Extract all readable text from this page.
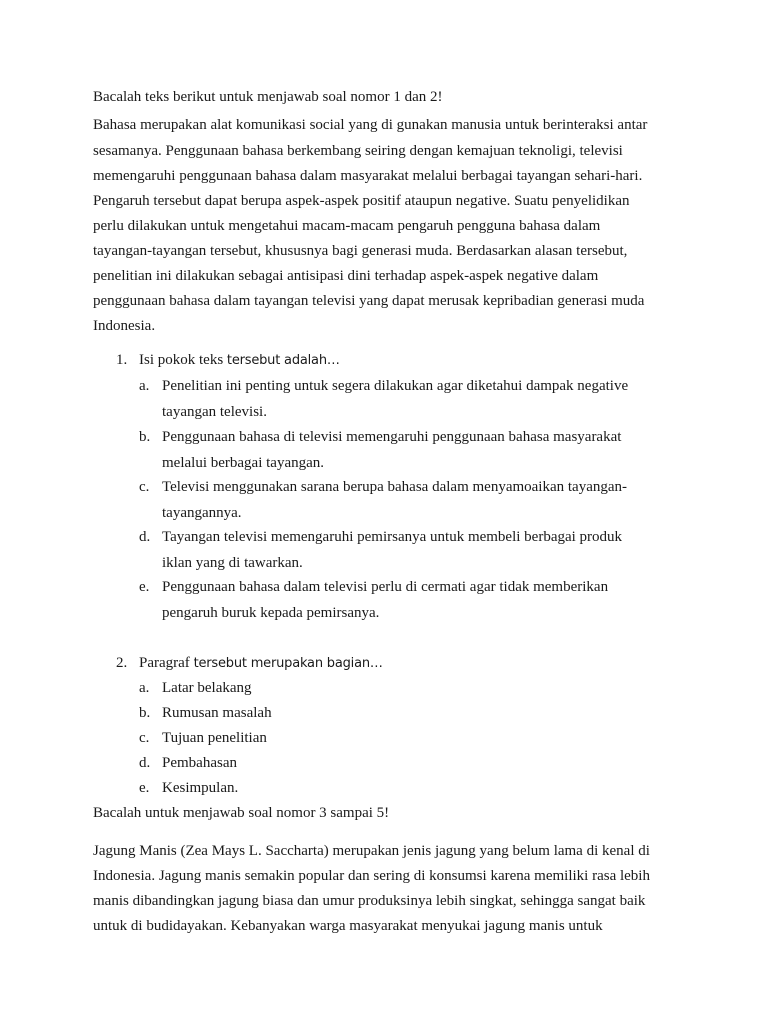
Bacalah teks berikut untuk menjawab soal nomor 1 dan 2!
Bahasa merupakan alat komunikasi social yang di gunakan manusia untuk berinteraksi antar
sesamanya. Penggunaan bahasa berkembang seiring dengan kemajuan teknoligi, televisi
memengaruhi penggunaan bahasa dalam masyarakat melalui berbagai tayangan sehari-hari.
Pengaruh tersebut dapat berupa aspek-aspek positif ataupun negative. Suatu penyelidikan
perlu dilakukan untuk mengetahui macam-macam pengaruh pengguna bahasa dalam
tayangan-tayangan tersebut, khususnya bagi generasi muda. Berdasarkan alasan tersebut,
penelitian ini dilakukan sebagai antisipasi dini terhadap aspek-aspek negative dalam
penggunaan bahasa dalam tayangan televisi yang dapat merusak kepribadian generasi muda
Indonesia.
1. Isi pokok teks tersebut adalah…
a. Penelitian ini penting untuk segera dilakukan agar diketahui dampak negative
tayangan televisi.
b. Penggunaan bahasa di televisi memengaruhi penggunaan bahasa masyarakat
melalui berbagai tayangan.
c. Televisi menggunakan sarana berupa bahasa dalam menyamoaikan tayangan-
tayangannya.
d. Tayangan televisi memengaruhi pemirsanya untuk membeli berbagai produk
iklan yang di tawarkan.
e. Penggunaan bahasa dalam televisi perlu di cermati agar tidak memberikan
pengaruh buruk kepada pemirsanya.
2. Paragraf tersebut merupakan bagian…
a. Latar belakang
b. Rumusan masalah
c. Tujuan penelitian
d. Pembahasan
e. Kesimpulan.
Bacalah untuk menjawab soal nomor 3 sampai 5!
Jagung Manis (Zea Mays L. Saccharta) merupakan jenis jagung yang belum lama di kenal di
Indonesia. Jagung manis semakin popular dan sering di konsumsi karena memiliki rasa lebih
manis dibandingkan jagung biasa dan umur produksinya lebih singkat, sehingga sangat baik
untuk di budidayakan. Kebanyakan warga masyarakat menyukai jagung manis untuk
